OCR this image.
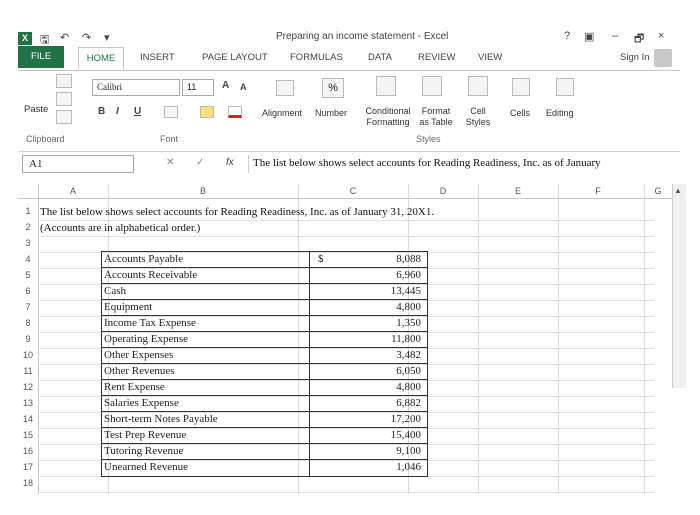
X	🖫 ↶ ↷ ▾	Preparing an income statement - Excel	? ▣ – 🗗 ×
FILE	HOME	INSERT	PAGE LAYOUT FORMULAS	DATA	REVIEW VIEW	Sign In
Paste
Calibri	11	A A
B I U	Alignment
%
Number	Conditional Formatting
Format as Table
Cell Styles
Cells Editing
Clipboard	Font	Styles
A1	✕ ✓ fx	The list below shows select accounts for Reading Readiness, Inc. as of January
A	B	C	D	E	F	G	▲
1
2
3
4
5
6
7
8
9
10
11
12
13
14
15
16
17
18
The list below shows select accounts for Reading Readiness, Inc. as of January 31, 20X1.
(Accounts are in alphabetical order.)
Accounts Payable	$	8,088
Accounts Receivable	6,960
Cash	13,445
Equipment	4,800
Income Tax Expense	1,350
Operating Expense	11,800
Other Expenses	3,482
Other Revenues	6,050
Rent Expense	4,800
Salaries Expense	6,882
Short-term Notes Payable	17,200
Test Prep Revenue	15,400
Tutoring Revenue	9,100
Unearned Revenue	1,046
